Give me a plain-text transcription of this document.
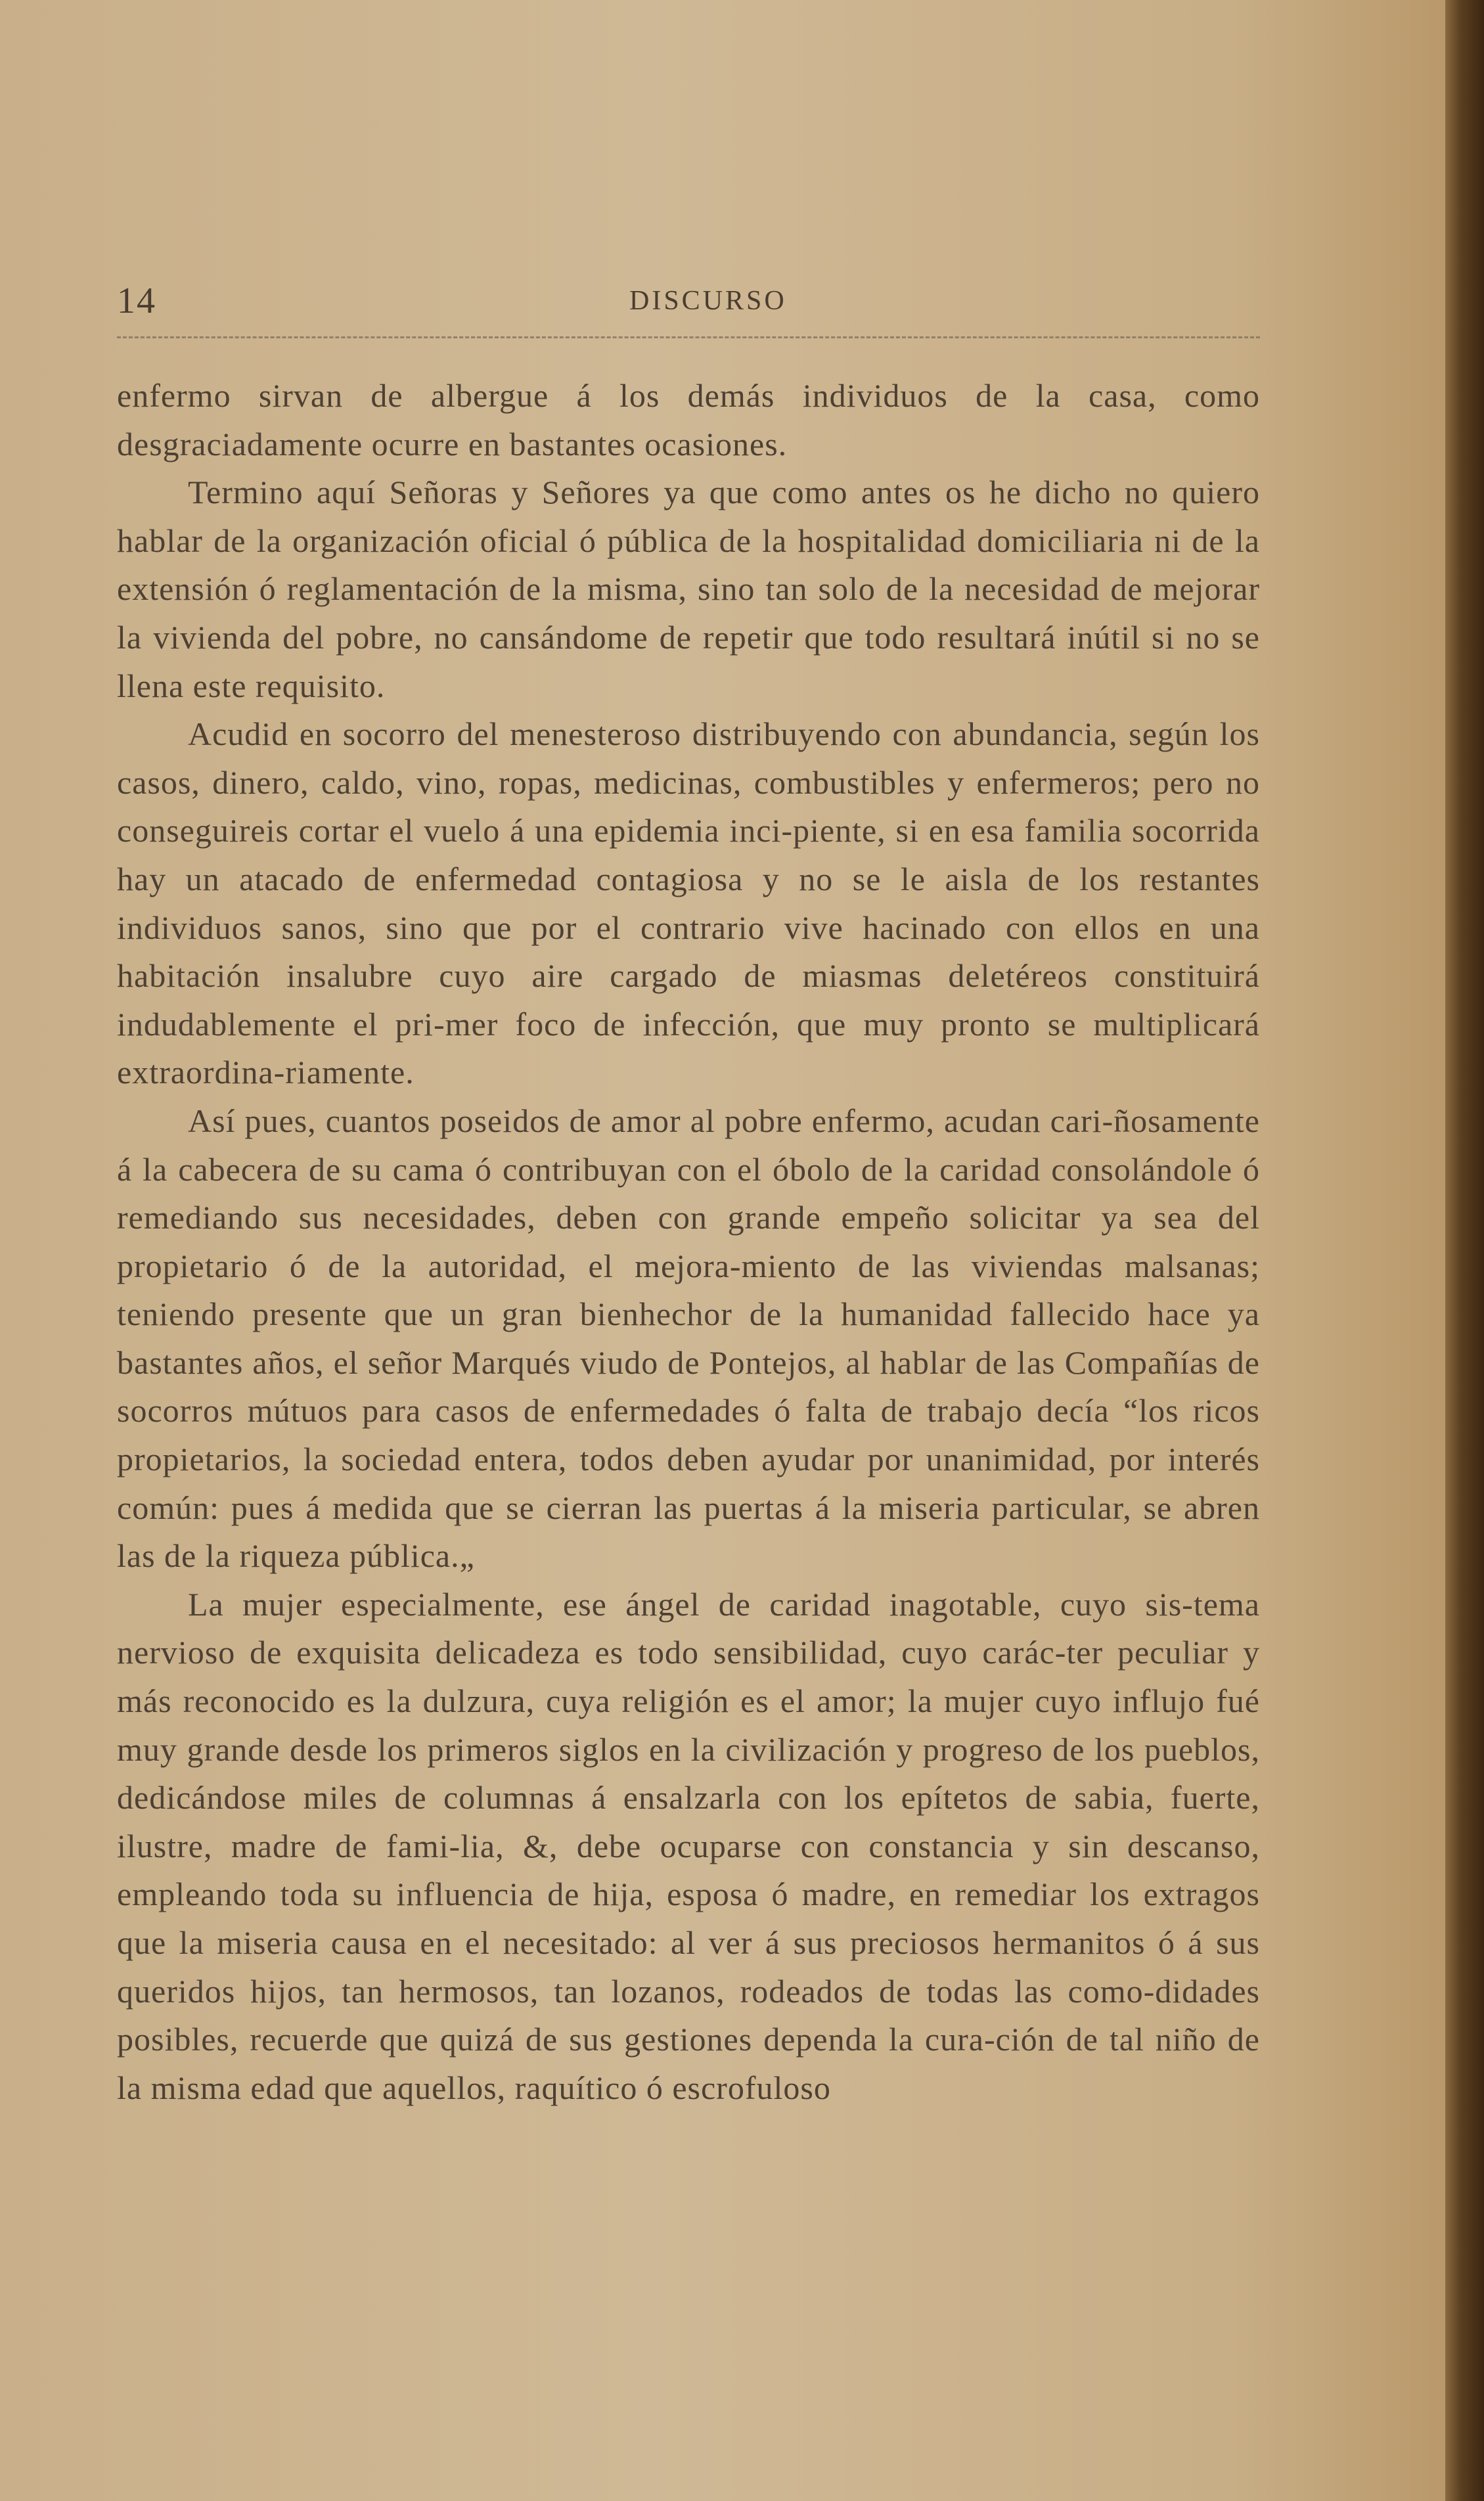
14	DISCURSO

enfermo sirvan de albergue á los demás individuos de la casa, como desgraciadamente ocurre en bastantes ocasiones.

Termino aquí Señoras y Señores ya que como antes os he dicho no quiero hablar de la organización oficial ó pública de la hospitalidad domiciliaria ni de la extensión ó reglamentación de la misma, sino tan solo de la necesidad de mejorar la vivienda del pobre, no cansándome de repetir que todo resultará inútil si no se llena este requisito.

Acudid en socorro del menesteroso distribuyendo con abundancia, según los casos, dinero, caldo, vino, ropas, medicinas, combustibles y enfermeros; pero no conseguireis cortar el vuelo á una epidemia inci-piente, si en esa familia socorrida hay un atacado de enfermedad contagiosa y no se le aisla de los restantes individuos sanos, sino que por el contrario vive hacinado con ellos en una habitación insalubre cuyo aire cargado de miasmas deletéreos constituirá indudablemente el pri-mer foco de infección, que muy pronto se multiplicará extraordina-riamente.

Así pues, cuantos poseidos de amor al pobre enfermo, acudan cari-ñosamente á la cabecera de su cama ó contribuyan con el óbolo de la caridad consolándole ó remediando sus necesidades, deben con grande empeño solicitar ya sea del propietario ó de la autoridad, el mejora-miento de las viviendas malsanas; teniendo presente que un gran bienhechor de la humanidad fallecido hace ya bastantes años, el señor Marqués viudo de Pontejos, al hablar de las Compañías de socorros mútuos para casos de enfermedades ó falta de trabajo decía “los ricos propietarios, la sociedad entera, todos deben ayudar por unanimidad, por interés común: pues á medida que se cierran las puertas á la miseria particular, se abren las de la riqueza pública.„

La mujer especialmente, ese ángel de caridad inagotable, cuyo sis-tema nervioso de exquisita delicadeza es todo sensibilidad, cuyo carác-ter peculiar y más reconocido es la dulzura, cuya religión es el amor; la mujer cuyo influjo fué muy grande desde los primeros siglos en la civilización y progreso de los pueblos, dedicándose miles de columnas á ensalzarla con los epítetos de sabia, fuerte, ilustre, madre de fami-lia, &, debe ocuparse con constancia y sin descanso, empleando toda su influencia de hija, esposa ó madre, en remediar los extragos que la miseria causa en el necesitado: al ver á sus preciosos hermanitos ó á sus queridos hijos, tan hermosos, tan lozanos, rodeados de todas las como-didades posibles, recuerde que quizá de sus gestiones dependa la cura-ción de tal niño de la misma edad que aquellos, raquítico ó escrofuloso
